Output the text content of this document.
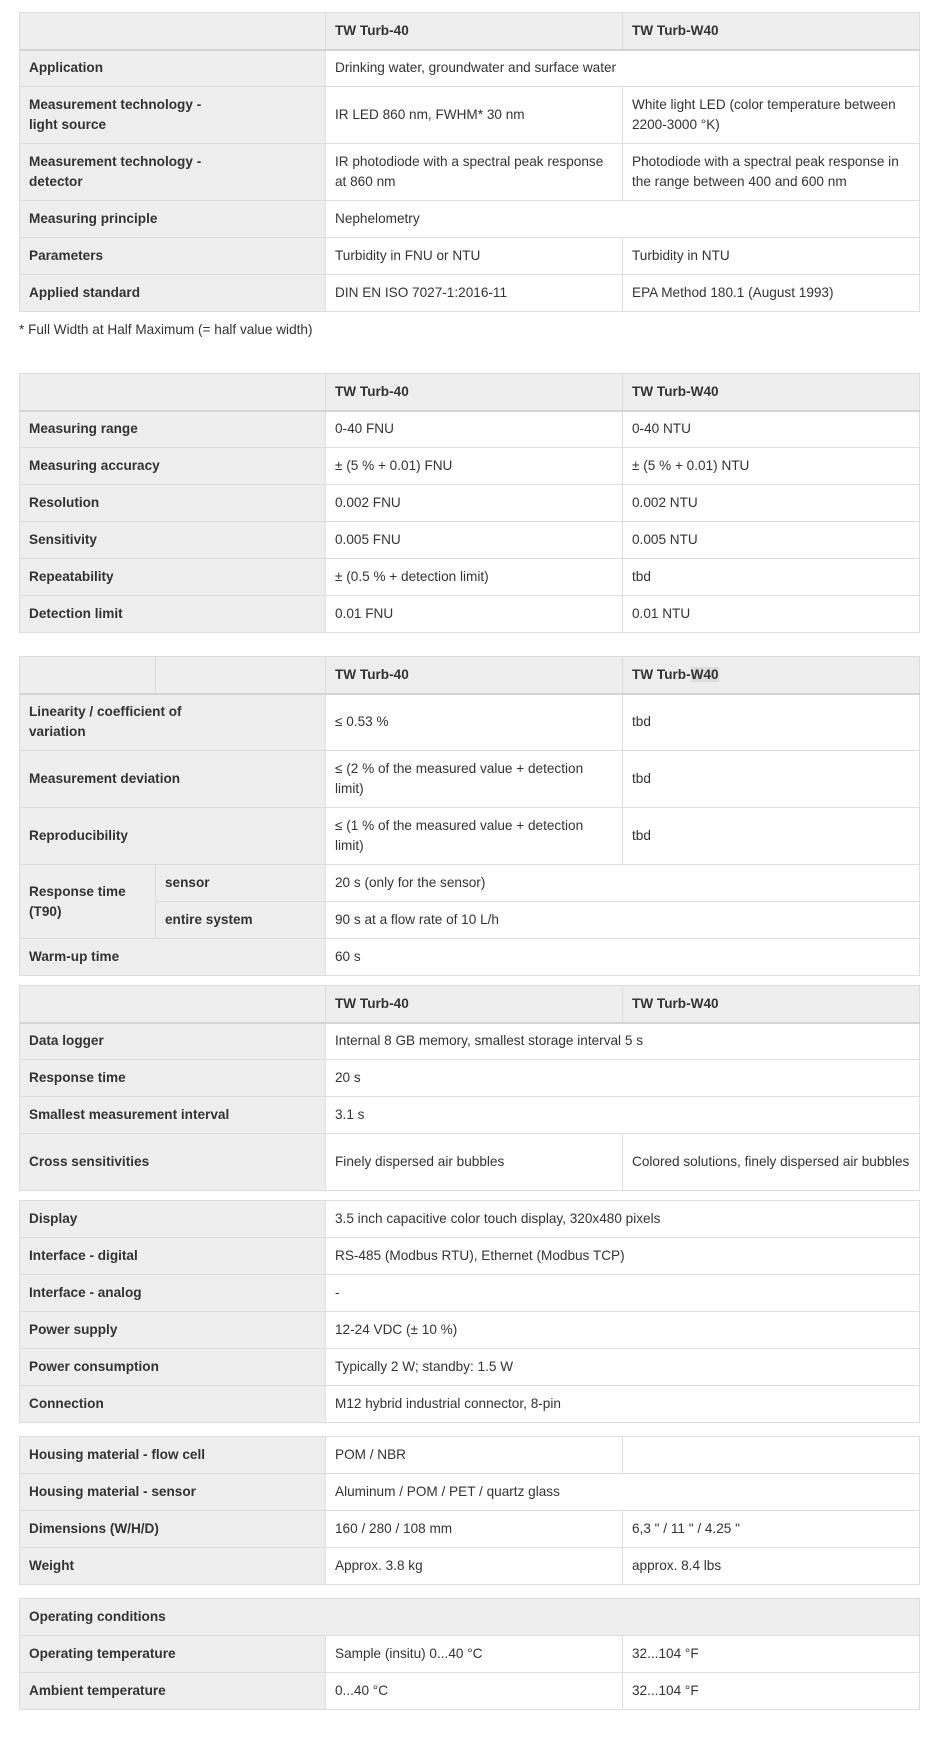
	TW Turb-40	TW Turb-W40
Application	Drinking water, groundwater and surface water	

Measurement technology - light source	IR LED 860 nm, FWHM* 30 nm	White light LED (color temperature between 2200-3000 °K)

Measurement technology - detector	IR photodiode with a spectral peak response at 860 nm	Photodiode with a spectral peak response in the range between 400 and 600 nm
Measuring principle	Nephelometry	
Parameters	Turbidity in FNU or NTU	Turbidity in NTU
Applied standard	DIN EN ISO 7027-1:2016-11	EPA Method 180.1 (August 1993)
* Full Width at Half Maximum (= half value width)
	TW Turb-40	TW Turb-W40
Measuring range	0-40 FNU	0-40 NTU
Measuring accuracy	± (5 % + 0.01) FNU	± (5 % + 0.01) NTU
Resolution	0.002 FNU	0.002 NTU
Sensitivity	0.005 FNU	0.005 NTU
Repeatability	± (0.5 % + detection limit)	tbd
Detection limit	0.01 FNU	0.01 NTU
		TW Turb-40	TW Turb-W40

Linearity / coefficient of variation		≤ 0.53 %	tbd
Measurement deviation		≤ (2 % of the measured value + detection limit)	tbd
Reproducibility		≤ (1 % of the measured value + detection limit)	tbd

Response time (T90)	sensor	20 s (only for the sensor)	
	entire system	90 s at a flow rate of 10 L/h	
Warm-up time		60 s	
	TW Turb-40	TW Turb-W40
Data logger	Internal 8 GB memory, smallest storage interval 5 s	
Response time	20 s	
Smallest measurement interval	3.1 s	
Cross sensitivities	Finely dispersed air bubbles	Colored solutions, finely dispersed air bubbles
Display	3.5 inch capacitive color touch display, 320x480 pixels
Interface - digital	RS-485 (Modbus RTU), Ethernet (Modbus TCP)
Interface - analog	-
Power supply	12-24 VDC (± 10 %)
Power consumption	Typically 2 W; standby: 1.5 W
Connection	M12 hybrid industrial connector, 8-pin
Housing material - flow cell	POM / NBR	
Housing material - sensor	Aluminum / POM / PET / quartz glass	
Dimensions (W/H/D)	160 / 280 / 108 mm	6,3 " / 11 " / 4.25 "
Weight	Approx. 3.8 kg	approx. 8.4 lbs
Operating conditions		
Operating temperature	Sample (insitu) 0...40 °C	32...104 °F
Ambient temperature	0...40 °C	32...104 °F
